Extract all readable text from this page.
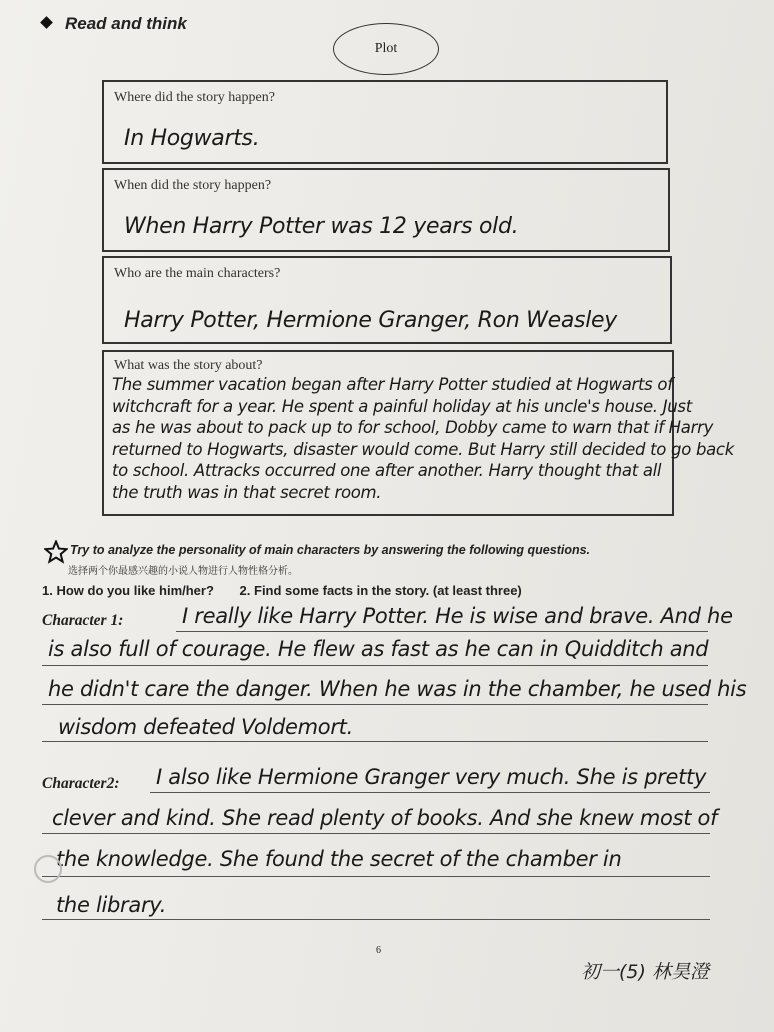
Read and think
Plot
Where did the story happen?
In Hogwarts.
When did the story happen?
When Harry Potter was 12 years old.
Who are the main characters?
Harry Potter, Hermione Granger, Ron Weasley
What was the story about?
The summer vacation began after Harry Potter studied at Hogwarts of
witchcraft for a year. He spent a painful holiday at his uncle's house. Just
as he was about to pack up to for school, Dobby came to warn that if Harry
returned to Hogwarts, disaster would come. But Harry still decided to go back
to school. Attracks occurred one after another. Harry thought that all
the truth was in that secret room.
Try to analyze the personality of main characters by answering the following questions.
选择两个你最感兴趣的小说人物进行人物性格分析。
1. How do you like him/her? 2. Find some facts in the story. (at least three)
Character 1:	I really like Harry Potter. He is wise and brave. And he
is also full of courage. He flew as fast as he can in Quidditch and
he didn't care the danger. When he was in the chamber, he used his
wisdom defeated Voldemort.
Character2: I also like Hermione Granger very much. She is pretty
clever and kind. She read plenty of books. And she knew most of
the knowledge. She found the secret of the chamber in
the library.
6
初一(5) 林昊澄
